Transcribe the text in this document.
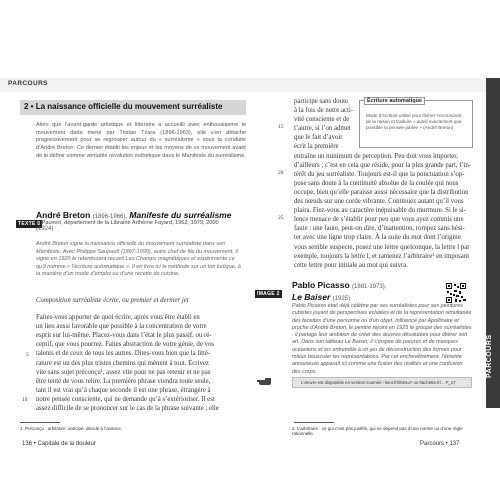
PARCOURS
PARCOURS
2 • La naissance officielle du mouvement surréaliste

Alors que l’avant-garde artistique et littéraire a accueilli avec enthousiasme le mouvement dada mené par Tristan Tzara (1896-1963), elle s’en détache progressivement pour se regrouper autour du « surréalisme » sous la conduite d’André Breton. Ce dernier établit les enjeux et les moyens de ce mouvement avant de le définir comme véritable révolution esthétique dans le Manifeste du surréalisme.

TEXTE 8
André Breton (1896-1966), Manifeste du surréalisme (1924)
© Pauvert, département de la Librairie Arthème Fayard, 1962, 1979, 2000
André Breton signe la naissance officielle du mouvement surréaliste dans son Manifeste. Avec Philippe Soupault (1897-1990), autre chef de file du mouvement, il signe en 1920 le retentissant recueil Les Champs magnétiques et expérimente ce qu’il nomme « l’écriture automatique ». Il en livre ici la méthode sur un ton ludique, à la manière d’un mode d’emploi ou d’une recette de cuisine.

Composition surréaliste écrite, ou premier et dernier jet

Faites-vous apporter de quoi écrire, après vous être établi en

un lieu aussi favorable que possible à la concentration de votre

esprit sur lui-même. Placez-vous dans l’état le plus passif, ou ré-

ceptif, que vous pourrez. Faites abstraction de votre génie, de vos

talents et de ceux de tous les autres. Dites-vous bien que la litté-

rature est un des plus tristes chemins qui mènent à tout. Écrivez

vite sans sujet préconçu¹, assez vite pour ne pas retenir et ne pas

être tenté de vous relire. La première phrase viendra toute seule,

tant il est vrai qu’à chaque seconde il est une phrase, étrangère à

notre pensée consciente, qui ne demande qu’à s’extérioriser. Il est

assez difficile de se prononcer sur le cas de la phrase suivante ; elle

5
10
1. Préconçu : arbitraire, anticipé, décidé à l’avance.
136 • Capitale de la douleur

participe sans doute

à la fois de notre acti-

vité consciente et de

l’autre, si l’on admet

que le fait d’avoir

écrit la première

entraîne un minimum de perception. Peu doit vous importer,

d’ailleurs ; c’est en cela que réside, pour la plus grande part, l’in-

térêt du jeu surréaliste. Toujours est-il que la ponctuation s’op-

pose sans doute à la continuité absolue de la coulée qui nous

occupe, bien qu’elle paraisse aussi nécessaire que la distribution

des nœuds sur une corde vibrante. Continuez autant qu’il vous

plaira. Fiez-vous au caractère inépuisable du murmure. Si le si-

lence menace de s’établir pour peu que vous ayez commis une

faute : une faute, peut-on dire, d’inattention, rompez sans hési-

ter avec une ligne trop claire. À la suite du mot dont l’origine

vous semble suspecte, posez une lettre quelconque, la lettre l par

exemple, toujours la lettre l, et ramenez l’arbitraire² en imposant

cette lettre pour initiale au mot qui suivra.

15
20
25
Écriture automatique
Mode d’écriture utilisé pour libérer l’inconscient de la raison et traduire « aussi exactement que possible la pensée parlée » (André Breton).
IMAGE 2
Pablo Picasso (1881-1973),
Le Baiser (1925)
Pablo Picasso était déjà célèbre par ses surréalistes pour ses peintures cubistes jouant de perspectives éclatées et de la représentation simultanée des facettes d’une personne ou d’un objet. Influencé par Apollinaire et proche d’André Breton, le peintre rejoint en 1925 le groupe des surréalistes : il partage leur ambition de créer des œuvres désolutées pour libérer son art. Dans son tableau Le Baiser, il s’inspire de parures et de masques océaniens et les entremêle à un jeu de déconstruction des formes pour mieux bousculer les représentations. Par cet enchevêtrement, l’étreinte amoureuse apparaît ici comme une fusion des réalités et une confusion des corps.
L’œuvre est disponible en version zoomée : lienr.fr/0024o7 ou hachette.fr/... F_17
2. L’arbitraire : ce qui n’est pas justifié, qui ne dépend pas d’une norme ou d’une règle rationnelle.
Parcours • 137
